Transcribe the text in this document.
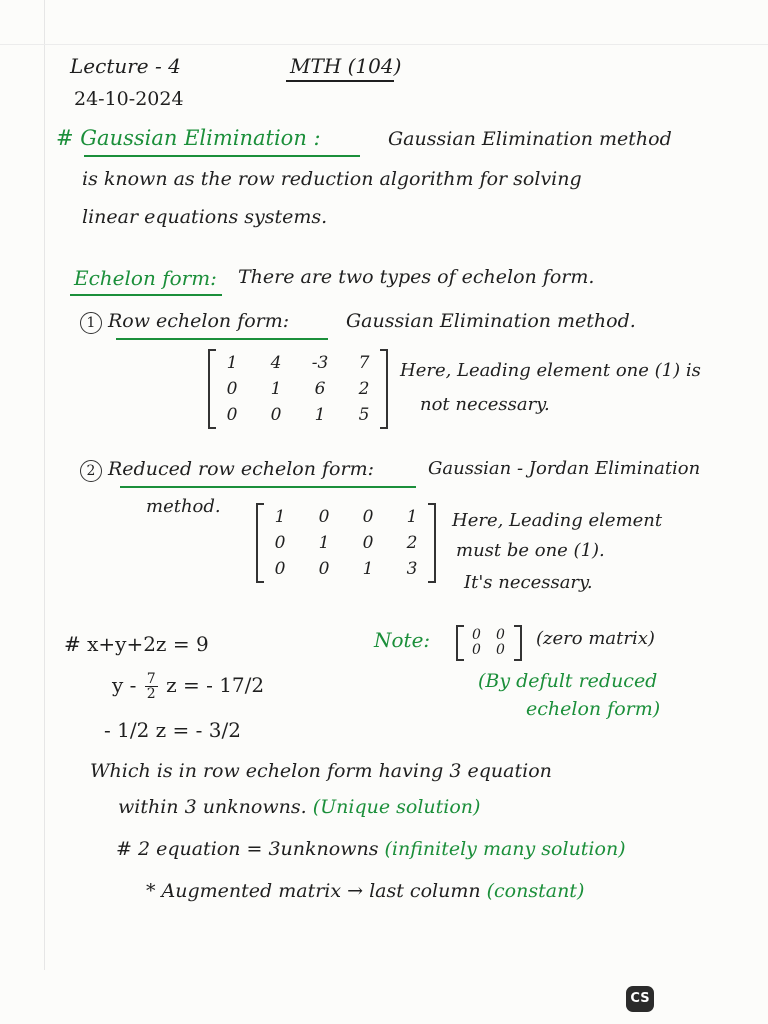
Lecture - 4	MTH (104)
24-10-2024
# Gaussian Elimination :	Gaussian Elimination method
is known as the row reduction algorithm for solving
linear equations systems.
Echelon form: There are two types of echelon form.
1 Row echelon form:	Gaussian Elimination method.
1	4	-3	7
0	1	6	2
0	0	1	5
Here, Leading element one (1) is
not necessary.
2 Reduced row echelon form:	Gaussian - Jordan Elimination
method.	1	0	0	1
0	1	0	2
0	0	1	3
Here, Leading element
must be one (1).
It's necessary.
# x+y+2z = 9
y - $\frac{7}{2}$ z = - 17/2
- 1/2 z = - 3/2
Note:	0 0
0 0
(zero matrix)
(By defult reduced
echelon form)
Which is in row echelon form having 3 equation
within 3 unknowns. (Unique solution)
# 2 equation = 3unknowns (infinitely many solution)
* Augmented matrix → last column (constant)
CS
